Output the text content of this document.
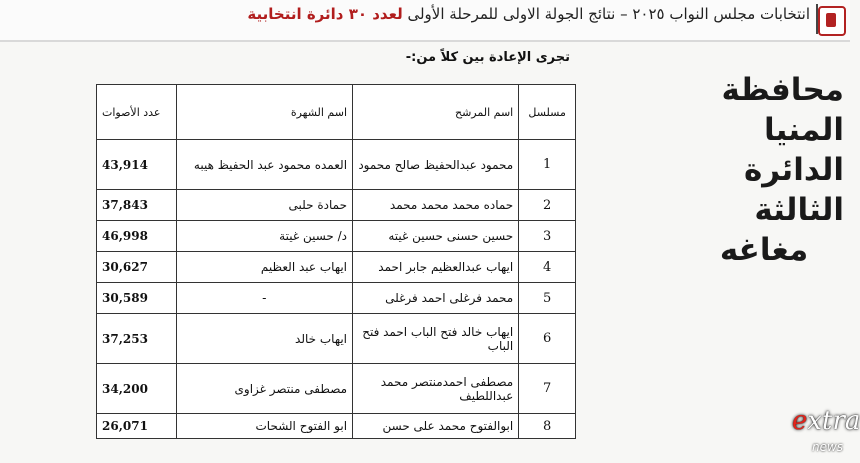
انتخابات مجلس النواب ٢٠٢٥ – نتائج الجولة الاولى للمرحلة الأولى لعدد ٣٠ دائرة انتخابية
تجرى الإعادة بين كلاً من:-
محافظة المنيا
الدائرة الثالثة
مغاغه
مسلسل	اسم المرشح	اسم الشهرة	عدد الأصوات
1	محمود عبدالحفيظ صالح محمود	العمده محمود عبد الحفيظ هيبه	43,914
2	حماده محمد محمد محمد	حمادة حلبى	37,843
3	حسين حسنى حسين غيته	د/ حسين غيتة	46,998
4	ايهاب عبدالعظيم جابر احمد	ايهاب عبد العظيم	30,627
5	محمد فرغلى احمد فرغلى	-	30,589
6	ايهاب خالد فتح الباب احمد فتح الباب	ايهاب خالد	37,253
7	مصطفى احمدمنتصر محمد عبداللطيف	مصطفى منتصر غزاوى	34,200
8	ابوالفتوح محمد على حسن	ابو الفتوح الشحات	26,071	extra
news
